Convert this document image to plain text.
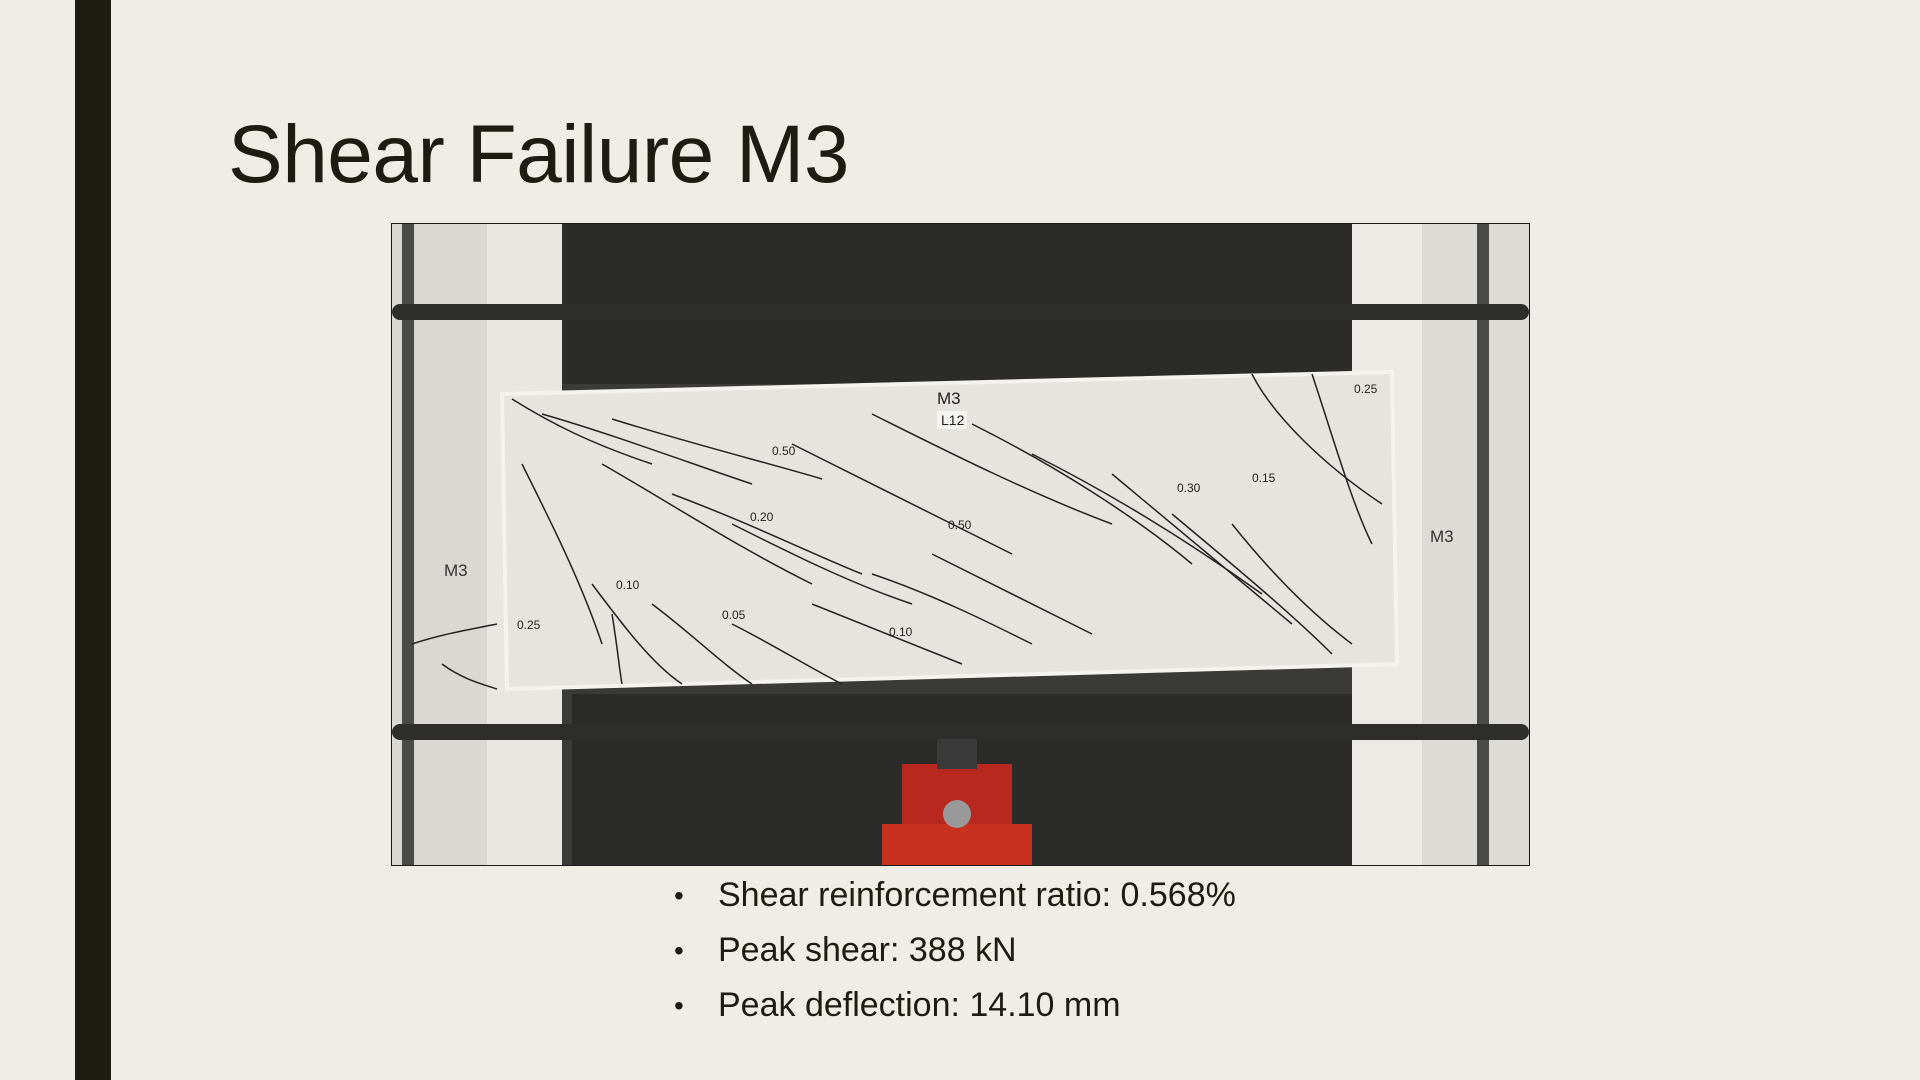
Shear Failure M3
M3
L12
M3
M3
0.25
0.50
0.30
0.15
0.20
0.50
0.10
0.05
0.10
0.25
• Shear reinforcement ratio: 0.568%
• Peak shear: 388 kN
• Peak deflection: 14.10 mm
